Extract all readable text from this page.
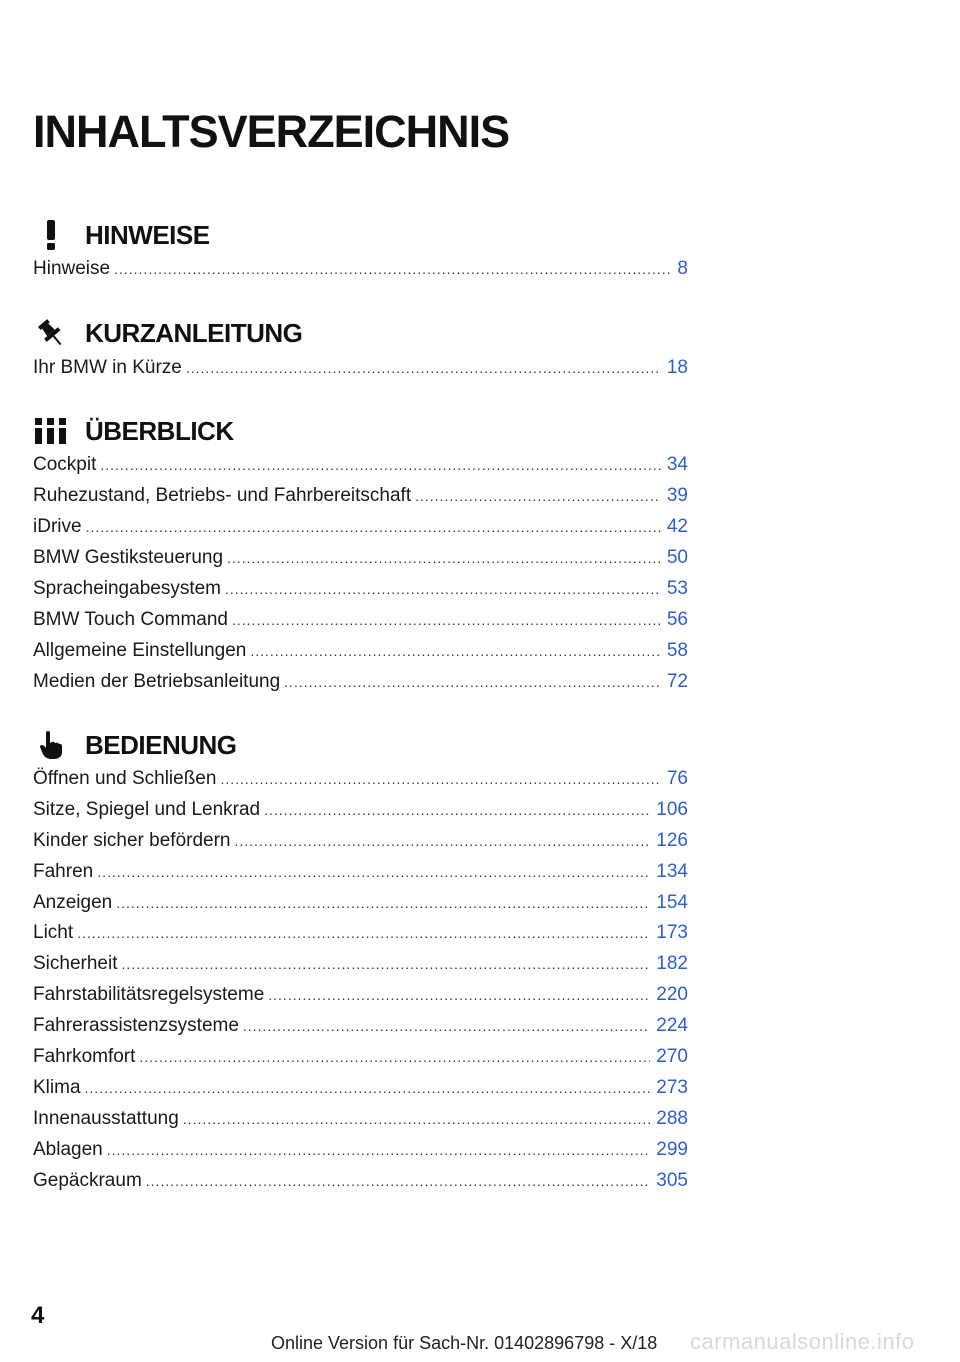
INHALTSVERZEICHNIS
HINWEISE
Hinweise .....	8
KURZANLEITUNG
Ihr BMW in Kürze .....	18
ÜBERBLICK
Cockpit .....	34
Ruhezustand, Betriebs- und Fahrbereitschaft .....	39
iDrive .....	42
BMW Gestiksteuerung .....	50
Spracheingabesystem .....	53
BMW Touch Command .....	56
Allgemeine Einstellungen .....	58
Medien der Betriebsanleitung .....	72
BEDIENUNG
Öffnen und Schließen .....	76
Sitze, Spiegel und Lenkrad .....	106
Kinder sicher befördern .....	126
Fahren .....	134
Anzeigen .....	154
Licht .....	173
Sicherheit .....	182
Fahrstabilitätsregelsysteme .....	220
Fahrerassistenzsysteme .....	224
Fahrkomfort .....	270
Klima .....	273
Innenausstattung .....	288
Ablagen .....	299
Gepäckraum .....	305
4
Online Version für Sach-Nr. 01402896798 - X/18 carmanualsonline.info
